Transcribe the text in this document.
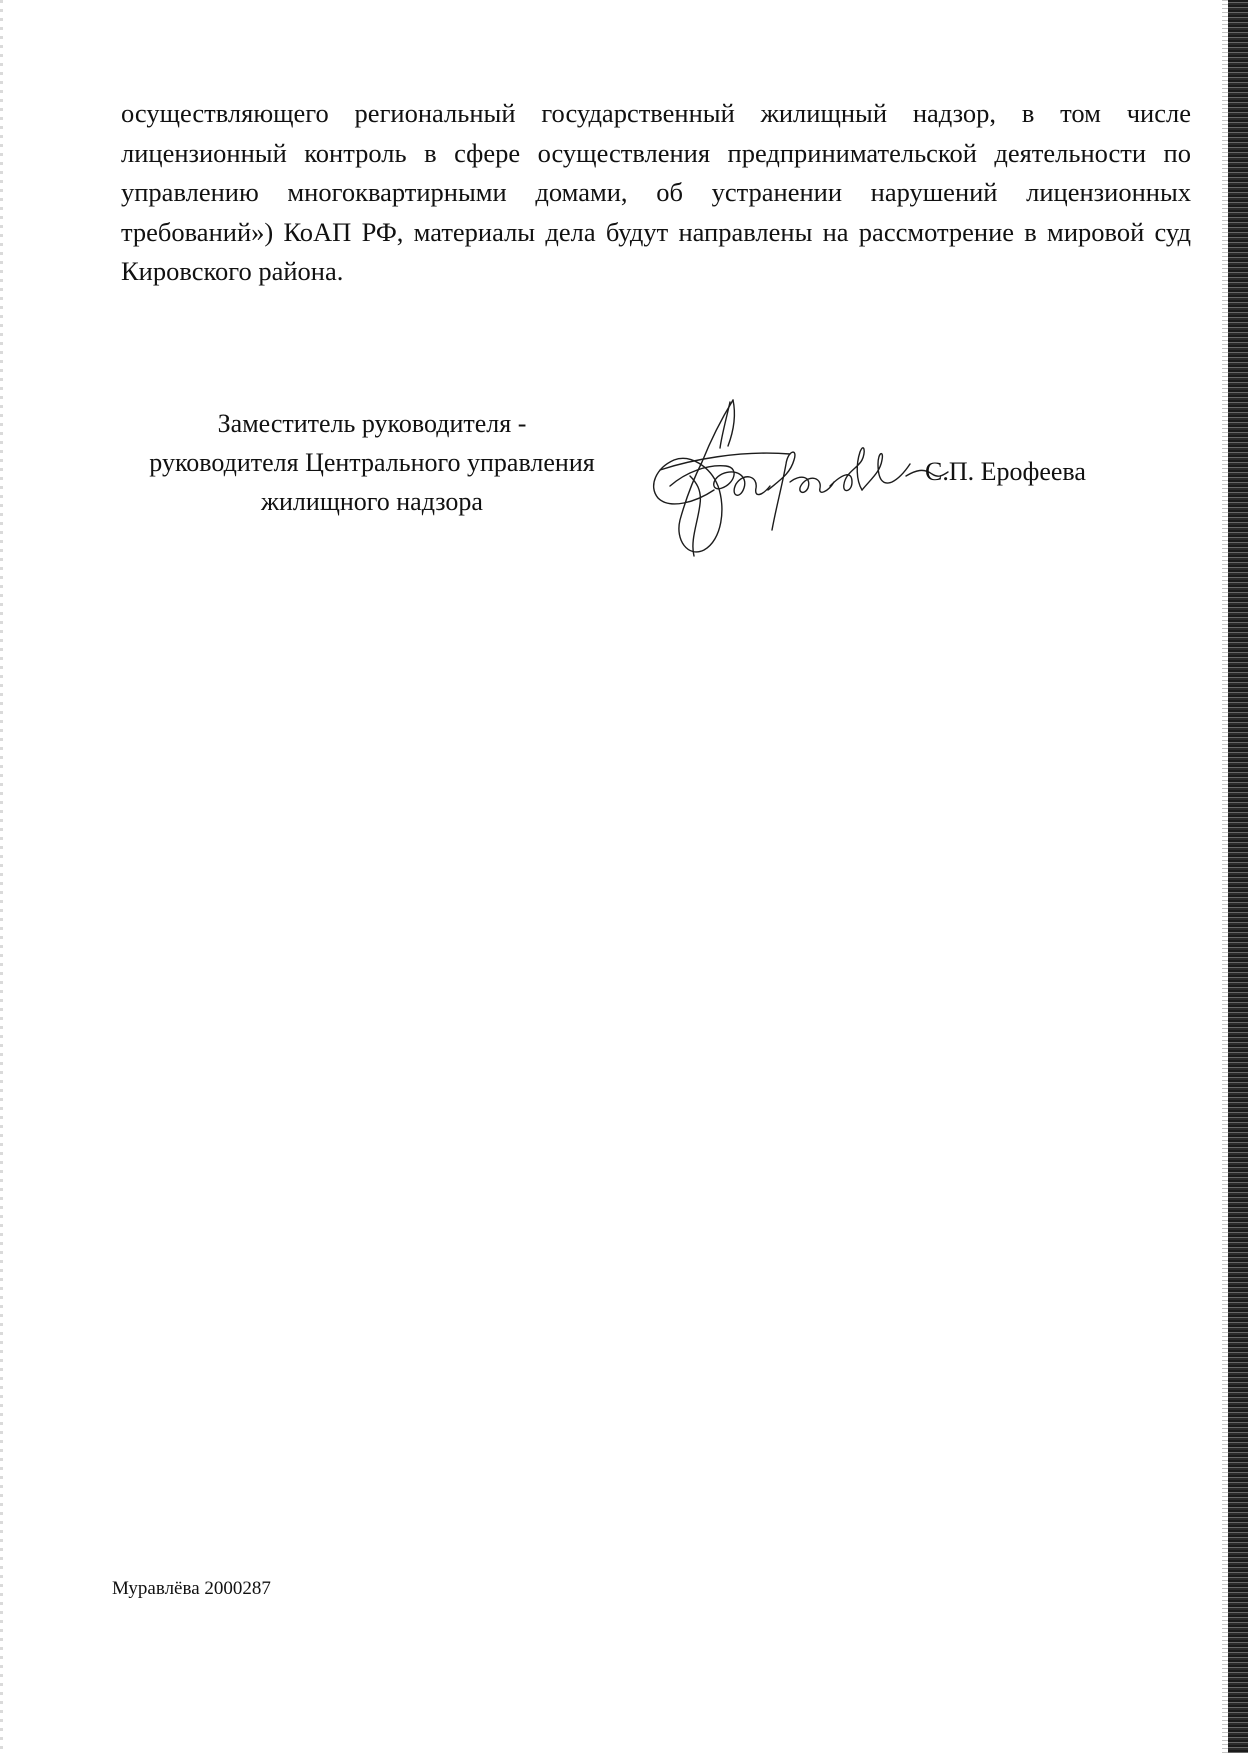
осуществляющего региональный государственный жилищный надзор, в том числе лицензионный контроль в сфере осуществления предпринимательской деятельности по управлению многоквартирными домами, об устранении нарушений лицензионных требований») КоАП РФ, материалы дела будут направлены на рассмотрение в мировой суд Кировского района.

Заместитель руководителя -
руководителя Центрального управления
жилищного надзора
С.П. Ерофеева
Муравлёва 2000287
